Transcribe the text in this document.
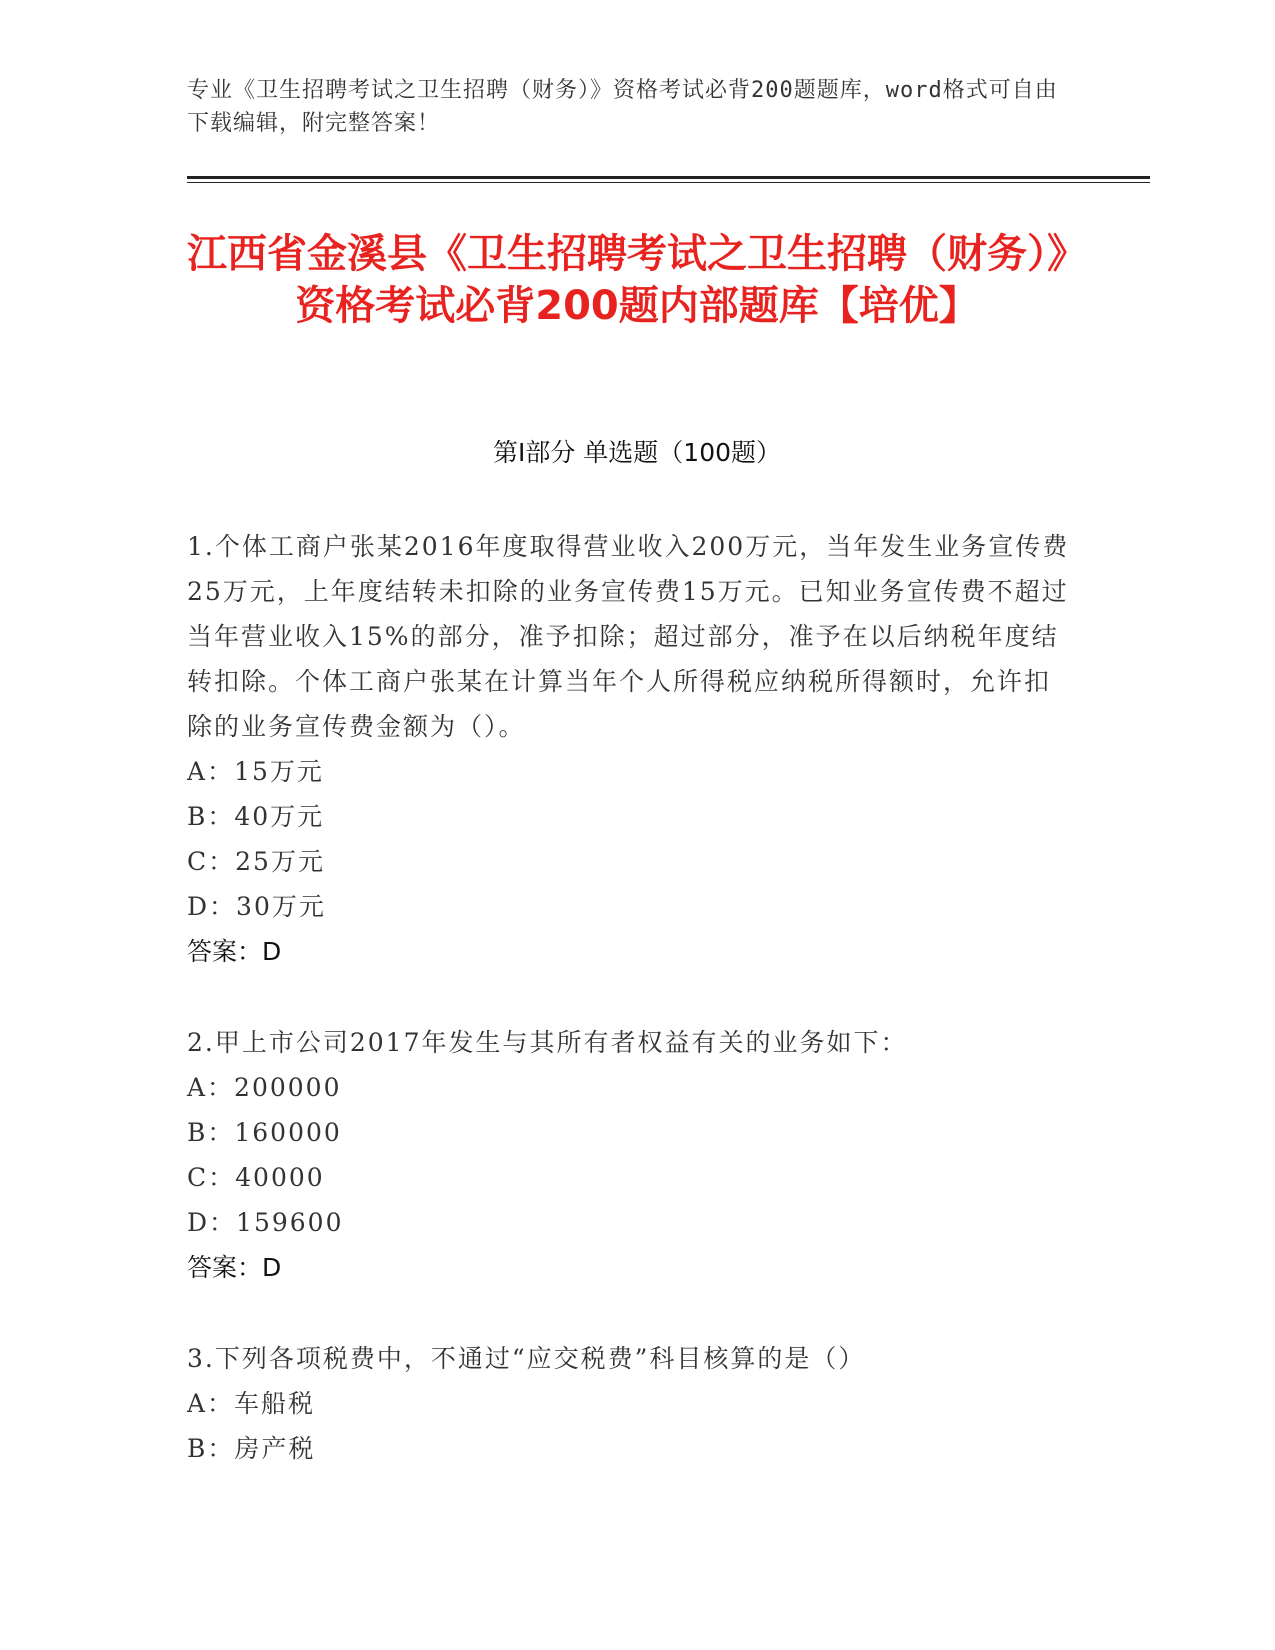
专业《卫生招聘考试之卫生招聘（财务）》资格考试必背200题题库，word格式可自由下载编辑，附完整答案！
江西省金溪县《卫生招聘考试之卫生招聘（财务）》资格考试必背200题内部题库【培优】
第Ⅰ部分 单选题（100题）
1.个体工商户张某2016年度取得营业收入200万元，当年发生业务宣传费25万元，上年度结转未扣除的业务宣传费15万元。已知业务宣传费不超过当年营业收入15%的部分，准予扣除；超过部分，准予在以后纳税年度结转扣除。个体工商户张某在计算当年个人所得税应纳税所得额时，允许扣除的业务宣传费金额为（）。
A：15万元
B：40万元
C：25万元
D：30万元
答案：D
2.甲上市公司2017年发生与其所有者权益有关的业务如下：
A：200000
B：160000
C：40000
D：159600
答案：D
3.下列各项税费中，不通过“应交税费”科目核算的是（）
A：车船税
B：房产税
